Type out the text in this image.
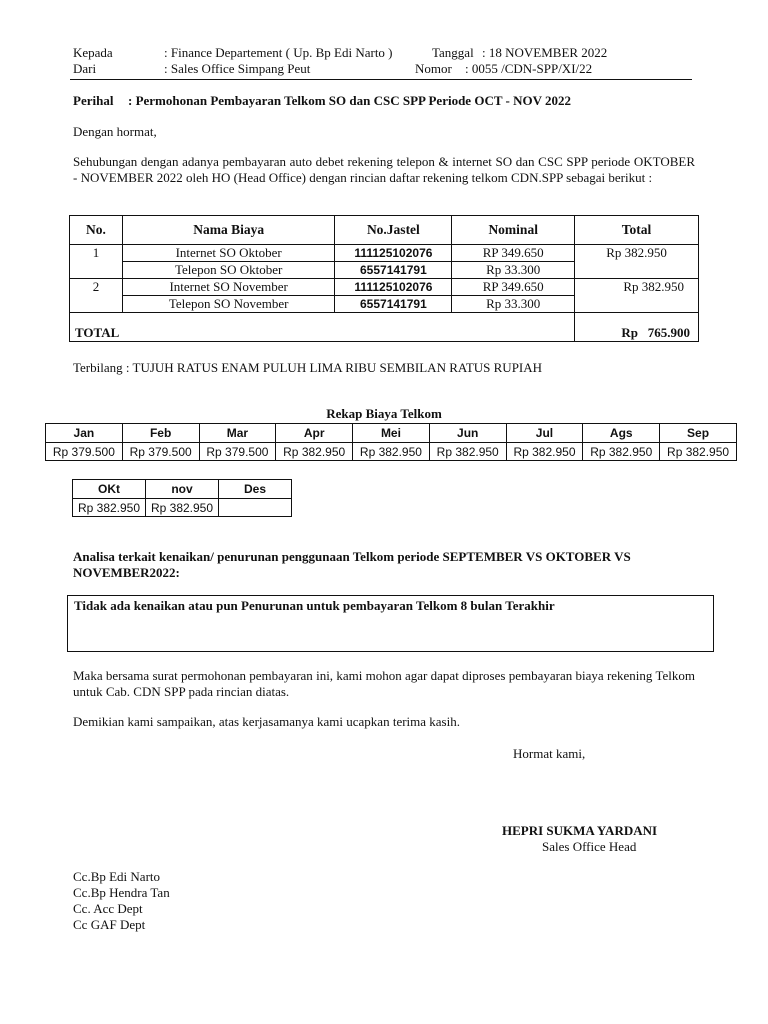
Kepada	: Finance Departement ( Up. Bp Edi Narto )	Tanggal : 18 NOVEMBER 2022
Dari	: Sales Office Simpang Peut	Nomor : 0055 /CDN-SPP/XI/22
Perihal : Permohonan Pembayaran Telkom SO dan CSC SPP Periode OCT - NOV 2022
Dengan hormat,
Sehubungan dengan adanya pembayaran auto debet rekening telepon & internet SO dan CSC SPP periode OKTOBER - NOVEMBER 2022 oleh HO (Head Office) dengan rincian daftar rekening telkom CDN.SPP sebagai berikut :
No.	Nama Biaya	No.Jastel	Nominal	Total
1	Internet SO Oktober	111125102076	RP 349.650	Rp 382.950
	Telepon SO Oktober	6557141791	Rp 33.300	
2	Internet SO November	111125102076	RP 349.650	Rp 382.950
	Telepon SO November	6557141791	Rp 33.300	
TOTAL				Rp 765.900
Terbilang : TUJUH RATUS ENAM PULUH LIMA RIBU SEMBILAN RATUS RUPIAH
Rekap Biaya Telkom
Jan	Feb	Mar	Apr	Mei	Jun	Jul	Ags	Sep
Rp 379.500	Rp 379.500	Rp 379.500	Rp 382.950	Rp 382.950	Rp 382.950	Rp 382.950	Rp 382.950	Rp 382.950
OKt	nov	Des
Rp 382.950	Rp 382.950	
Analisa terkait kenaikan/ penurunan penggunaan Telkom periode SEPTEMBER VS OKTOBER VS NOVEMBER2022:
Tidak ada kenaikan atau pun Penurunan untuk pembayaran Telkom 8 bulan Terakhir
Maka bersama surat permohonan pembayaran ini, kami mohon agar dapat diproses pembayaran biaya rekening Telkom untuk Cab. CDN SPP pada rincian diatas.
Demikian kami sampaikan, atas kerjasamanya kami ucapkan terima kasih.
Hormat kami,
HEPRI SUKMA YARDANI
Sales Office Head
Cc.Bp Edi Narto
Cc.Bp Hendra Tan
Cc. Acc Dept
Cc GAF Dept
